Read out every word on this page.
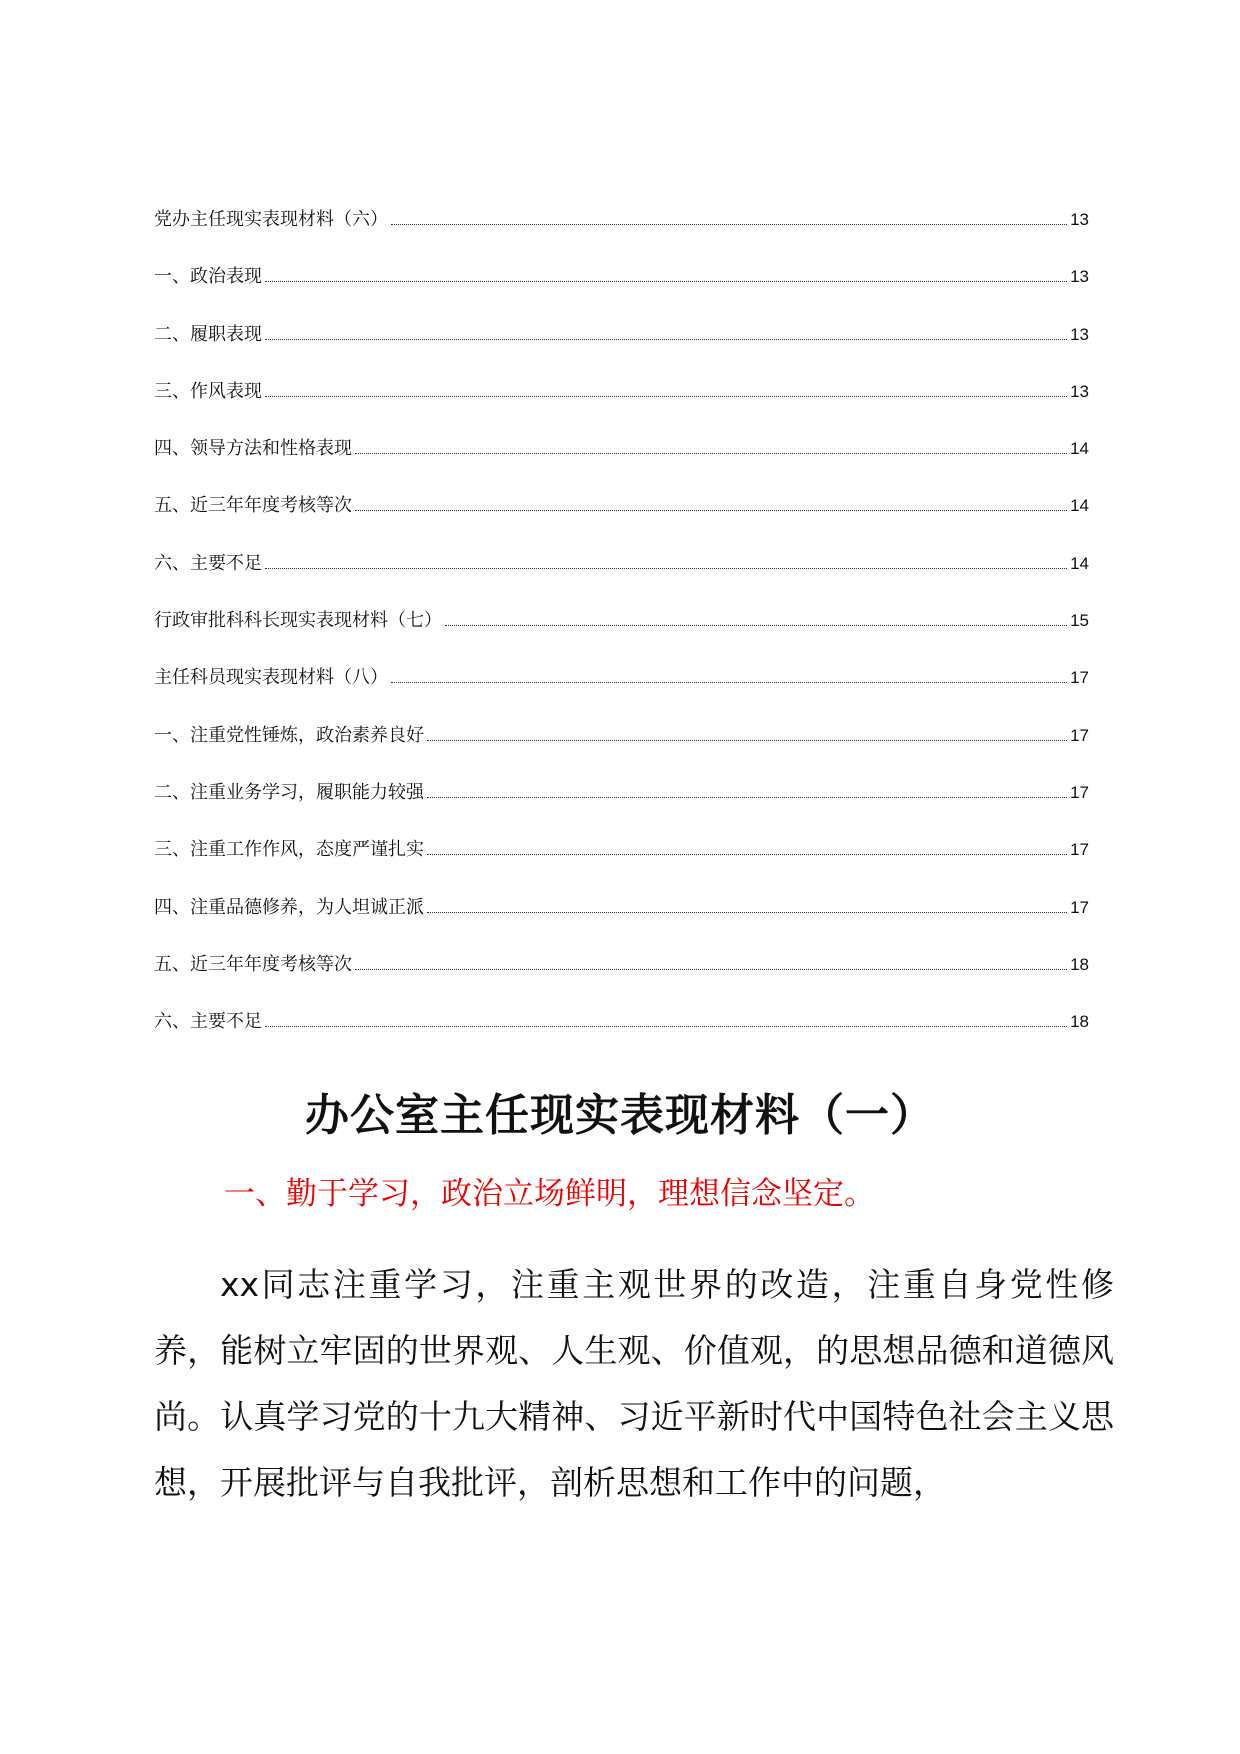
党办主任现实表现材料（六）	13
一、政治表现	13
二、履职表现	13
三、作风表现	13
四、领导方法和性格表现	14
五、近三年年度考核等次	14
六、主要不足	14
行政审批科科长现实表现材料（七）	15
主任科员现实表现材料（八）	17
一、注重党性锤炼，政治素养良好	17
二、注重业务学习，履职能力较强	17
三、注重工作作风，态度严谨扎实	17
四、注重品德修养，为人坦诚正派	17
五、近三年年度考核等次	18
六、主要不足	18
办公室主任现实表现材料（一）
一、勤于学习，政治立场鲜明，理想信念坚定。

xx同志注重学习，注重主观世界的改造，注重自身党性修养，能树立牢固的世界观、人生观、价值观，的思想品德和道德风尚。认真学习党的十九大精神、习近平新时代中国特色社会主义思想，开展批评与自我批评，剖析思想和工作中的问题，
